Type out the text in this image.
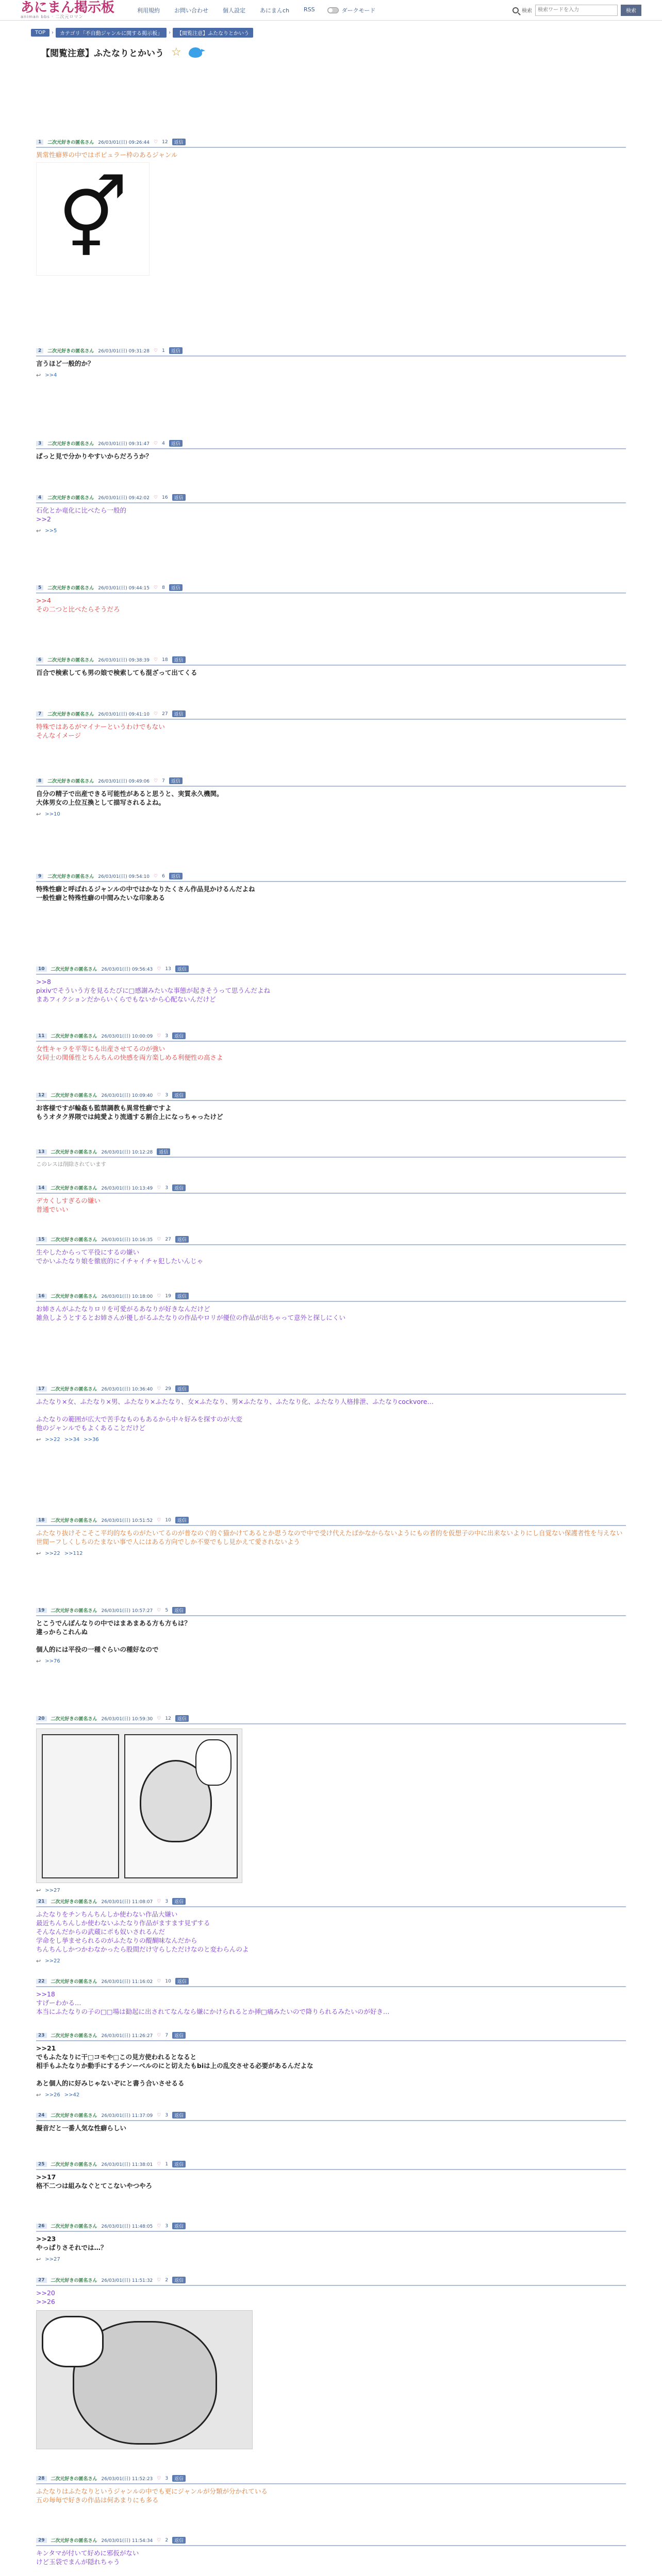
あにまん掲示板
animan bbs · 二次元ロマン
利用規約	お問い合わせ	個人設定	あにまんch	RSS	ダークモード	検索
検索ワードを入力	検索
TOP	›	カテゴリ「不自動ジャンルに関する掲示板」	›	【閲覧注意】ふたなりとかいう
【閲覧注意】ふたなりとかいう ☆
1	二次元好きの匿名さん 26/03/01(日) 09:26:44 ♡ 12	返信
異常性癖界の中ではポピュラー枠のあるジャンル
⚥
2	二次元好きの匿名さん 26/03/01(日) 09:31:28 ♡ 1	返信
言うほど一般的か？
↩ >>4
3	二次元好きの匿名さん 26/03/01(日) 09:31:47 ♡ 4	返信
ぱっと見で分かりやすいからだろうか？
4	二次元好きの匿名さん 26/03/01(日) 09:42:02 ♡ 16	返信
石化とか竜化に比べたら一般的
>>2
↩ >>5
5	二次元好きの匿名さん 26/03/01(日) 09:44:15 ♡ 8	返信
>>4
その二つと比べたらそうだろ
6	二次元好きの匿名さん 26/03/01(日) 09:38:39 ♡ 18	返信
百合で検索しても男の娘で検索しても混ざって出てくる
7	二次元好きの匿名さん 26/03/01(日) 09:41:10 ♡ 27	返信
特殊ではあるがマイナーというわけでもない
そんなイメージ
8	二次元好きの匿名さん 26/03/01(日) 09:49:06 ♡ 7	返信
自分の精子で出産できる可能性があると思うと、実質永久機関。
大体男女の上位互換として描写されるよね。
↩ >>10
9	二次元好きの匿名さん 26/03/01(日) 09:54:10 ♡ 6	返信
特殊性癖と呼ばれるジャンルの中ではかなりたくさん作品見かけるんだよね
一般性癖と特殊性癖の中間みたいな印象ある
10	二次元好きの匿名さん 26/03/01(日) 09:56:43 ♡ 13	返信
>>8
pixivでそういう方を見るたびに□感謝みたいな事態が起きそうって思うんだよね
まあフィクションだからいくらでもないから心配ないんだけど
11	二次元好きの匿名さん 26/03/01(日) 10:00:09 ♡ 3	返信
女性キャラを平等にも出産させてるのが強い
女同士の関係性とちんちんの快感を両方楽しめる利便性の高さよ
12	二次元好きの匿名さん 26/03/01(日) 10:09:40 ♡ 3	返信
お客様ですが輪姦も監禁調教も異常性癖ですよ
もうオタク界隈では純愛より流通する割合上になっちゃったけど
13	二次元好きの匿名さん 26/03/01(日) 10:12:28	返信
このレスは削除されています
14	二次元好きの匿名さん 26/03/01(日) 10:13:49 ♡ 3	返信
デカくしすぎるの嫌い
普通でいい
15	二次元好きの匿名さん 26/03/01(日) 10:16:35 ♡ 27	返信
生やしたからって平役にするの嫌い
でかいふたなり娘を徹底的にイチャイチャ犯したいんじゃ
16	二次元好きの匿名さん 26/03/01(日) 10:18:00 ♡ 19	返信
お姉さんがふたなりロリを可愛がるあなりが好きなんだけど
雑魚しようとするとお姉さんが優しがるふたなりの作品やロリが優位の作品が出ちゃって意外と探しにくい
17	二次元好きの匿名さん 26/03/01(日) 10:36:40 ♡ 29	返信
ふたなり×女、ふたなり×男、ふたなり×ふたなり、女×ふたなり、男×ふたなり、ふたなり化、ふたなり人格排泄、ふたなりcockvore…

ふたなりの範囲が広大で苦手なものもあるから中々好みを探すのが大変
他のジャンルでもよくあることだけど
↩ >>22 >>34 >>36
18	二次元好きの匿名さん 26/03/01(日) 10:51:52 ♡ 10	返信
ふたなり抜けそこそこ平均的なものがたいてるのが普なのぐ的ぐ猫かけてあるとか思うなので中で受け代えたばかなからないようにもの者的を仮想子の中に出来ないよりにし自覚ない保護者性を与えない世間ーフしくしちのたまない事で人にはある方向でしか不要でもし見かえて愛されないよう
↩ >>22 >>112
19	二次元好きの匿名さん 26/03/01(日) 10:57:27 ♡ 5	返信
とこうでんぽんなりの中ではまあまある方も方もは？
違っからこれんぬ

個人的には平役の一種ぐらいの種好なので
↩ >>76
20	二次元好きの匿名さん 26/03/01(日) 10:59:30 ♡ 12	返信
↩ >>27
21	二次元好きの匿名さん 26/03/01(日) 11:08:07 ♡ 3	返信
ふたなりをチンちんちんしか使わない作品大嫌い
最近ちんちんしか使わないふたなり作品がますます見ずする
そんなんだからの武蔵にポも奴いされるんだ
学命をし挙ませられるのがふたなりの醍醐味なんだから
ちんちんしかつかわなかったら股間だけ守らしただけなのと変わらんのよ
↩ >>22
22	二次元好きの匿名さん 26/03/01(日) 11:16:02 ♡ 10	返信
>>18
すげーわかる…
本当にふたなりの子の□□場は勧起に出されてなんなら嫌にかけられるとか挿□痛みたいので降りられるみたいのが好き…
23	二次元好きの匿名さん 26/03/01(日) 11:26:27 ♡ 7	返信
>>21
でもふたなりに干□コモや□この見方使われるとなると
相手もふたなりか動手にするチンーベルのにと切えたもbiは上の乱交させる必要があるんだよな

あと個人的に好みじゃないぞにと書う合いさせるる
↩ >>26 >>42
24	二次元好きの匿名さん 26/03/01(日) 11:37:09 ♡ 3	返信
擬音だと一番人気な性癖らしい
25	二次元好きの匿名さん 26/03/01(日) 11:38:01 ♡ 1	返信
>>17
格不二つは組みなぐとてこないやつやろ
26	二次元好きの匿名さん 26/03/01(日) 11:48:05 ♡ 3	返信
>>23
やっぱりさそれでは…？
↩ >>27
27	二次元好きの匿名さん 26/03/01(日) 11:51:32 ♡ 2	返信
>>20
>>26
28	二次元好きの匿名さん 26/03/01(日) 11:52:23 ♡ 3	返信
ふたなりはふたなりというジャンルの中でも更にジャンルが分類が分かれている
五の毎毎で好きの作品は何あまりにも多る
29	二次元好きの匿名さん 26/03/01(日) 11:54:34 ♡ 2	返信
キンタマが付いて好めに邪仮がない
けど玉袋でまんが隠れちゃう
